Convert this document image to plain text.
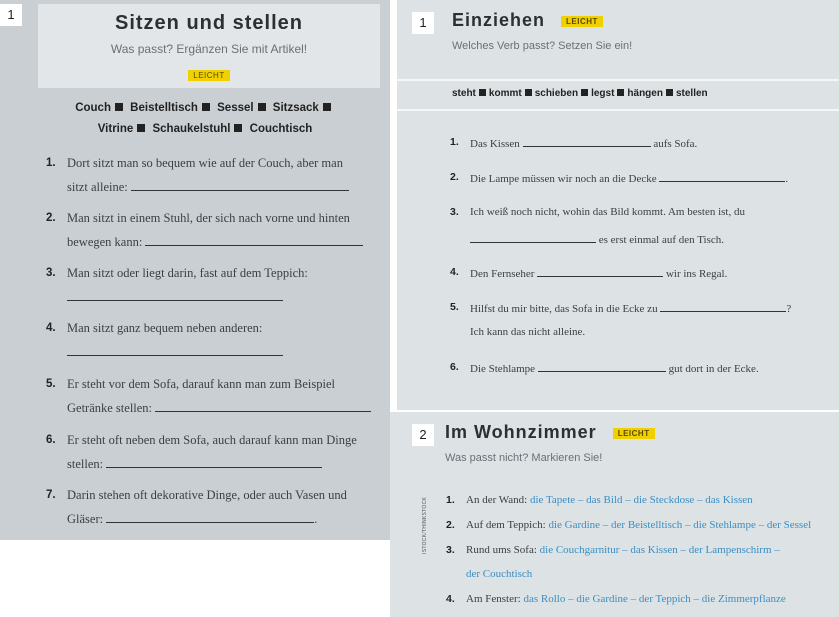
1	Sitzen und stellen
Was passt? Ergänzen Sie mit Artikel!
LEICHT
Couch Beistelltisch Sessel Sitzsack
Vitrine Schaukelstuhl Couchtisch
1. Dort sitzt man so bequem wie auf der Couch, aber man
sitzt alleine:
2. Man sitzt in einem Stuhl, der sich nach vorne und hinten
bewegen kann:
3. Man sitzt oder liegt darin, fast auf dem Teppich:

4. Man sitzt ganz bequem neben anderen:

5. Er steht vor dem Sofa, darauf kann man zum Beispiel
Getränke stellen:
6. Er steht oft neben dem Sofa, auch darauf kann man Dinge
stellen:
7. Darin stehen oft dekorative Dinge, oder auch Vasen und
Gläser:	.
1	Einziehen	LEICHT
Welches Verb passt? Setzen Sie ein!
steht kommt schieben legst hängen stellen
1. Das Kissen	aufs Sofa.
2. Die Lampe müssen wir noch an die Decke	.
3. Ich weiß noch nicht, wohin das Bild kommt. Am besten ist, du
es erst einmal auf den Tisch.
4. Den Fernseher	wir ins Regal.
5. Hilfst du mir bitte, das Sofa in die Ecke zu	?
Ich kann das nicht alleine.
6. Die Stehlampe	gut dort in der Ecke.
2	Im Wohnzimmer	LEICHT
Was passt nicht? Markieren Sie!
1. An der Wand: die Tapete – das Bild – die Steckdose – das Kissen
2. Auf dem Teppich: die Gardine – der Beistelltisch – die Stehlampe – der Sessel
3. Rund ums Sofa: die Couchgarnitur – das Kissen – der Lampenschirm –
der Couchtisch
4. Am Fenster: das Rollo – die Gardine – der Teppich – die Zimmerpflanze
ISTOCK/THINKSTOCK
